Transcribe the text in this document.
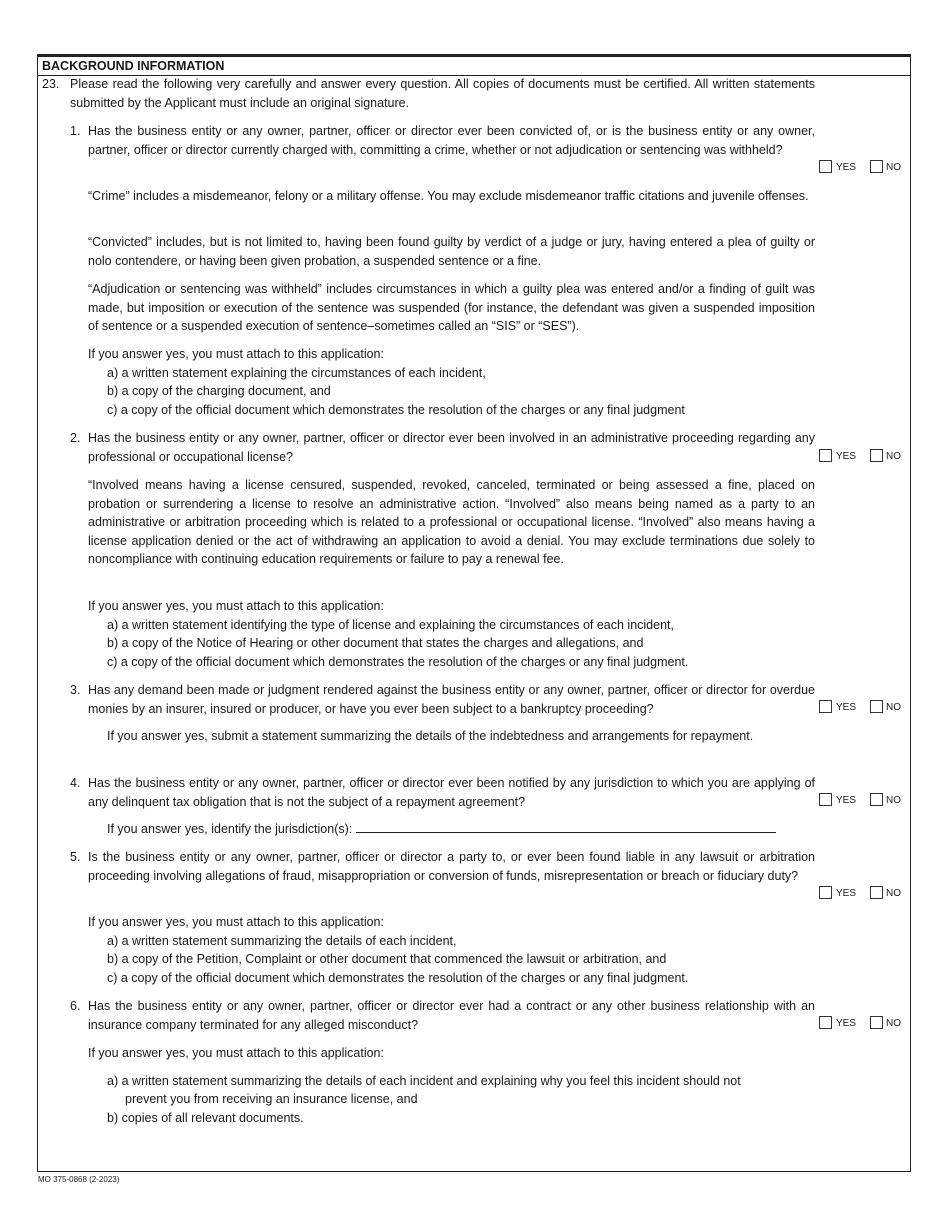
BACKGROUND INFORMATION
23. Please read the following very carefully and answer every question. All copies of documents must be certified. All written statements submitted by the Applicant must include an original signature.
1. Has the business entity or any owner, partner, officer or director ever been convicted of, or is the business entity or any owner, partner, officer or director currently charged with, committing a crime, whether or not adjudication or sentencing was withheld?
YES	NO
“Crime” includes a misdemeanor, felony or a military offense. You may exclude misdemeanor traffic citations and juvenile offenses.
“Convicted” includes, but is not limited to, having been found guilty by verdict of a judge or jury, having entered a plea of guilty or nolo contendere, or having been given probation, a suspended sentence or a fine.
“Adjudication or sentencing was withheld” includes circumstances in which a guilty plea was entered and/or a finding of guilt was made, but imposition or execution of the sentence was suspended (for instance, the defendant was given a suspended imposition of sentence or a suspended execution of sentence–sometimes called an “SIS” or “SES”).
If you answer yes, you must attach to this application:
a) a written statement explaining the circumstances of each incident,
b) a copy of the charging document, and
c) a copy of the official document which demonstrates the resolution of the charges or any final judgment
2. Has the business entity or any owner, partner, officer or director ever been involved in an administrative proceeding regarding any professional or occupational license?	YES	NO
“Involved means having a license censured, suspended, revoked, canceled, terminated or being assessed a fine, placed on probation or surrendering a license to resolve an administrative action. “Involved” also means being named as a party to an administrative or arbitration proceeding which is related to a professional or occupational license. “Involved” also means having a license application denied or the act of withdrawing an application to avoid a denial. You may exclude terminations due solely to noncompliance with continuing education requirements or failure to pay a renewal fee.
If you answer yes, you must attach to this application:
a) a written statement identifying the type of license and explaining the circumstances of each incident,
b) a copy of the Notice of Hearing or other document that states the charges and allegations, and
c) a copy of the official document which demonstrates the resolution of the charges or any final judgment.
3. Has any demand been made or judgment rendered against the business entity or any owner, partner, officer or director for overdue monies by an insurer, insured or producer, or have you ever been subject to a bankruptcy proceeding?	YES	NO
If you answer yes, submit a statement summarizing the details of the indebtedness and arrangements for repayment.
4. Has the business entity or any owner, partner, officer or director ever been notified by any jurisdiction to which you are applying of any delinquent tax obligation that is not the subject of a repayment agreement?	YES	NO
If you answer yes, identify the jurisdiction(s):
5. Is the business entity or any owner, partner, officer or director a party to, or ever been found liable in any lawsuit or arbitration proceeding involving allegations of fraud, misappropriation or conversion of funds, misrepresentation or breach or fiduciary duty?
YES	NO
If you answer yes, you must attach to this application:
a) a written statement summarizing the details of each incident,
b) a copy of the Petition, Complaint or other document that commenced the lawsuit or arbitration, and
c) a copy of the official document which demonstrates the resolution of the charges or any final judgment.
6. Has the business entity or any owner, partner, officer or director ever had a contract or any other business relationship with an insurance company terminated for any alleged misconduct?	YES	NO
If you answer yes, you must attach to this application:
a) a written statement summarizing the details of each incident and explaining why you feel this incident should not
prevent you from receiving an insurance license, and
b) copies of all relevant documents.
MO 375-0868 (2-2023)
